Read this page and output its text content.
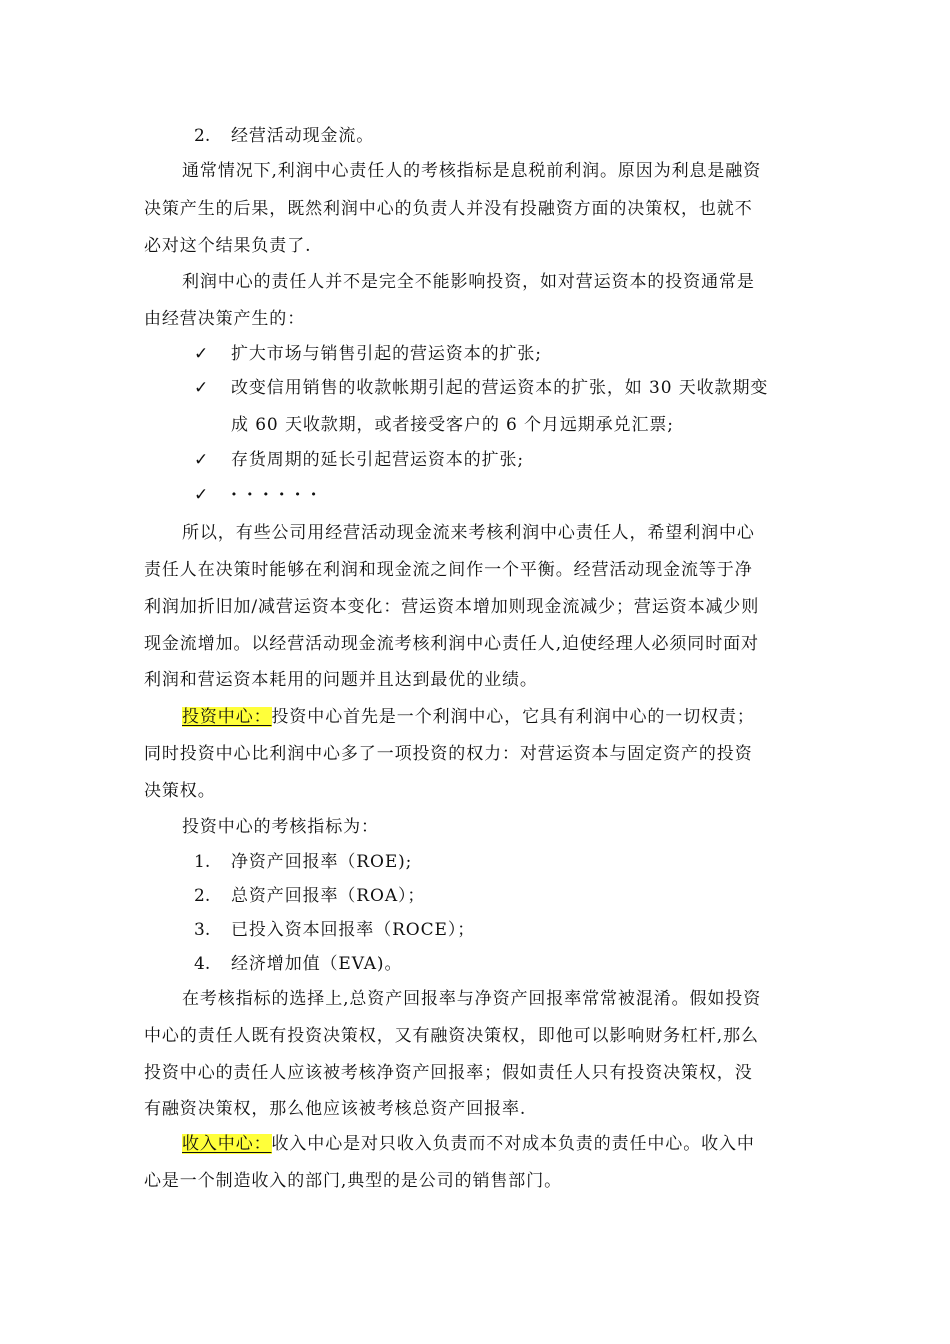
2. 经营活动现金流。
通常情况下,利润中心责任人的考核指标是息税前利润。原因为利息是融资
决策产生的后果，既然利润中心的负责人并没有投融资方面的决策权，也就不
必对这个结果负责了.
利润中心的责任人并不是完全不能影响投资，如对营运资本的投资通常是
由经营决策产生的：
✓ 扩大市场与销售引起的营运资本的扩张;
✓ 改变信用销售的收款帐期引起的营运资本的扩张，如 30 天收款期变
成 60 天收款期，或者接受客户的 6 个月远期承兑汇票;
✓ 存货周期的延长引起营运资本的扩张;
✓ ······
所以，有些公司用经营活动现金流来考核利润中心责任人，希望利润中心
责任人在决策时能够在利润和现金流之间作一个平衡。经营活动现金流等于净
利润加折旧加/减营运资本变化：营运资本增加则现金流减少；营运资本减少则
现金流增加。以经营活动现金流考核利润中心责任人,迫使经理人必须同时面对
利润和营运资本耗用的问题并且达到最优的业绩。
投资中心：投资中心首先是一个利润中心，它具有利润中心的一切权责；
同时投资中心比利润中心多了一项投资的权力：对营运资本与固定资产的投资
决策权。
投资中心的考核指标为：
1. 净资产回报率（ROE);
2. 总资产回报率（ROA）；
3. 已投入资本回报率（ROCE）；
4. 经济增加值（EVA)。
在考核指标的选择上,总资产回报率与净资产回报率常常被混淆。假如投资
中心的责任人既有投资决策权，又有融资决策权，即他可以影响财务杠杆,那么
投资中心的责任人应该被考核净资产回报率；假如责任人只有投资决策权，没
有融资决策权，那么他应该被考核总资产回报率.
收入中心：收入中心是对只收入负责而不对成本负责的责任中心。收入中
心是一个制造收入的部门,典型的是公司的销售部门。
